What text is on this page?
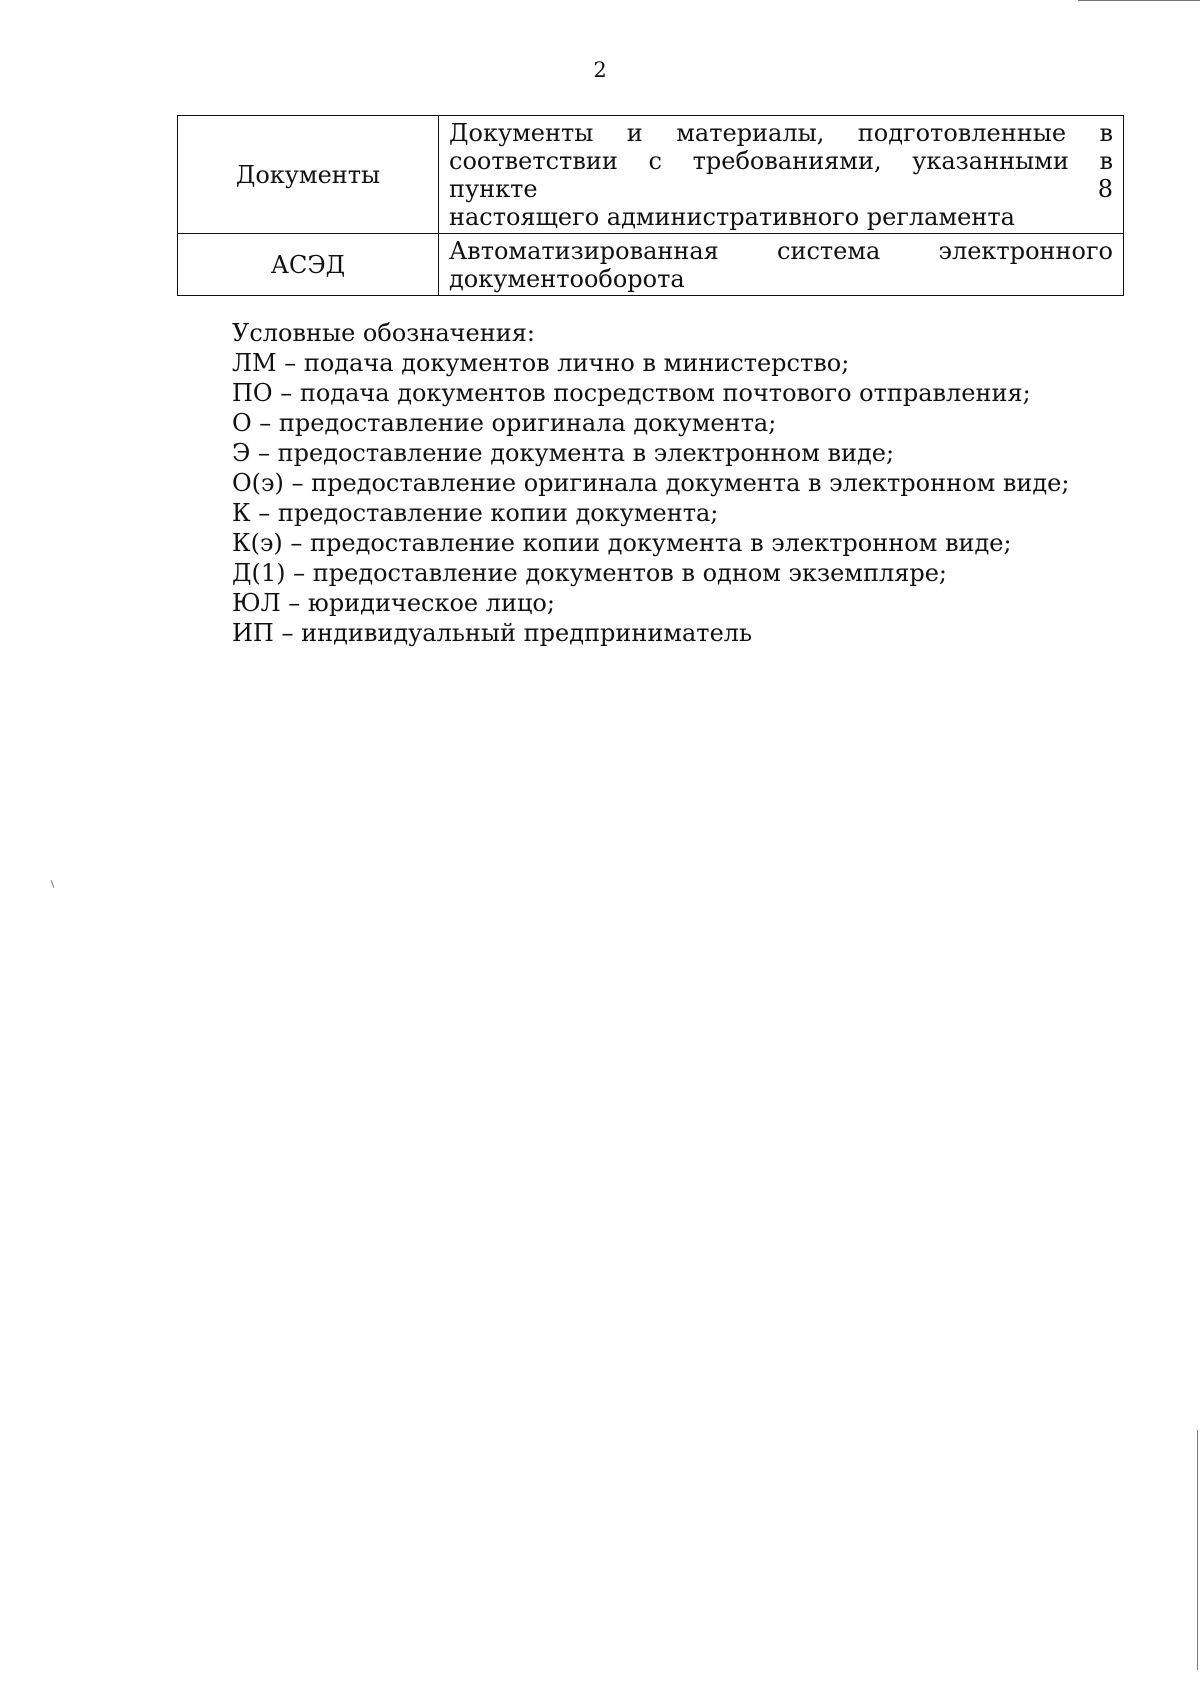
2
Документы	Документы и материалы, подготовленные в
соответствии с требованиями, указанными в пункте 8
настоящего административного регламента
АСЭД	Автоматизированная система электронного
документооборота
Условные обозначения:
ЛМ – подача документов лично в министерство;
ПО – подача документов посредством почтового отправления;
О – предоставление оригинала документа;
Э – предоставление документа в электронном виде;
О(э) – предоставление оригинала документа в электронном виде;
К – предоставление копии документа;
К(э) – предоставление копии документа в электронном виде;
Д(1) – предоставление документов в одном экземпляре;
ЮЛ – юридическое лицо;
ИП – индивидуальный предприниматель
